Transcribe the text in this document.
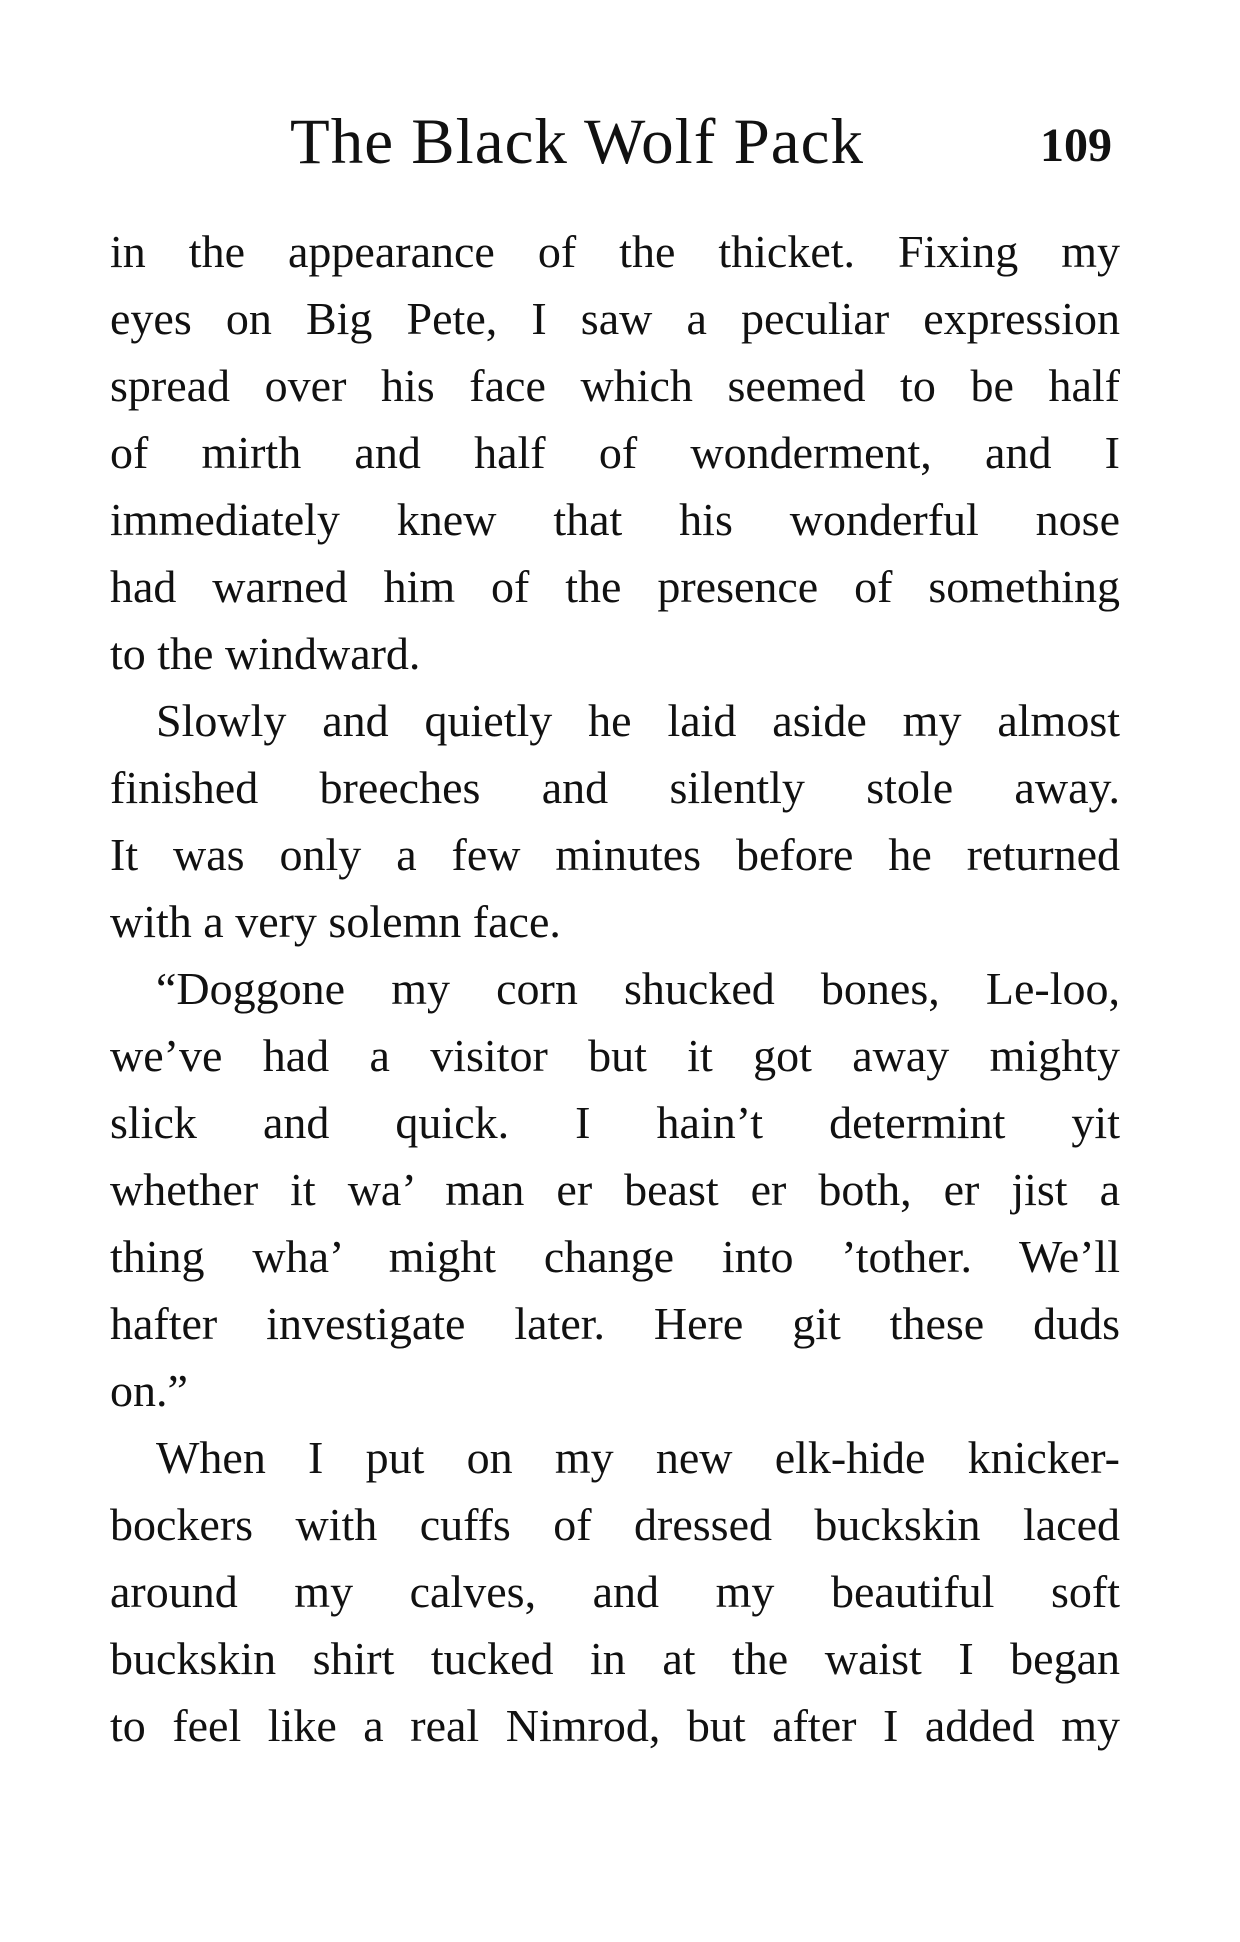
The Black Wolf Pack	109
in the appearance of the thicket. Fixing my
eyes on Big Pete, I saw a peculiar expression
spread over his face which seemed to be half
of mirth and half of wonderment, and I
immediately knew that his wonderful nose
had warned him of the presence of something
to the windward.
Slowly and quietly he laid aside my almost
finished breeches and silently stole away.
It was only a few minutes before he returned
with a very solemn face.
“Doggone my corn shucked bones, Le-loo,
we’ve had a visitor but it got away mighty
slick and quick. I hain’t determint yit
whether it wa’ man er beast er both, er jist a
thing wha’ might change into ’tother. We’ll
hafter investigate later. Here git these duds
on.”
When I put on my new elk-hide knicker-
bockers with cuffs of dressed buckskin laced
around my calves, and my beautiful soft
buckskin shirt tucked in at the waist I began
to feel like a real Nimrod, but after I added my
